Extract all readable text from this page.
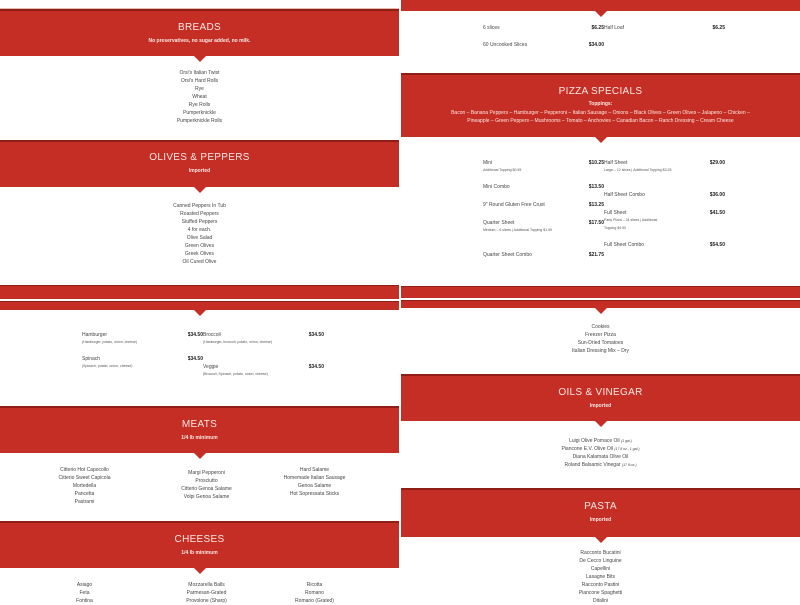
BREADS
No preservatives, no sugar added, no milk.
Orsi's Italian Twist
Orsi's Hard Rolls
Rye
Wheat
Rye Rolls
Pumperknickle
Pumperknickle Rolls
OLIVES & PEPPERS
Imported
Canned Peppers In Tub
Roasted Peppers
Stuffed Peppers
4 for each.
Olive Salad
Green Olives
Greek Olives
Oil Cured Olive
Hamburger	$34.50
(Hamburger, potato, onion, cheese)
Spinach	$34.50
(Spinach, potato, onion, cheese)
Broccoli	$34.50
(Hamburger, broccoli, potato, onion, cheese)
Veggie	$34.50
(Broccoli, Spinach, potato, onion, cheese)
MEATS
1/4 lb minimum
Citterio Hot Capocollo
Citterio Sweet Capicola
Mortedella
Pancetta
Pastrami
Margi Pepperoni
Prosciutto
Citterio Genoa Salame
Volpi Genoa Salame
Hard Salame
Homemade Italian Sausage
Genoa Salame
Hot Sopressata Sticks
CHEESES
1/4 lb minimum
Asiago
Feta
Fontina
Mozzarella Balls
Parmesan-Grated
Provolone (Sharp)
Ricotta
Romano
Romano (Grated)
6 slices	$6.25
60 Uncooked Slices	$34.00
Half Loaf	$6.25
PIZZA SPECIALS
Toppings:
Bacon – Banana Peppers – Hamburger – Pepperoni – Italian Sausage – Onions – Black Olives – Green Olives – Jalapeno – Chicken – Pineapple – Green Peppers – Mushrooms – Tomato – Anchovies – Canadian Bacon – Ranch Dressing – Cream Cheese
Mini	$10.25
Additional Topping $0.95
Mini Combo	$13.50
9" Round Gluten Free Crust	$13.25
Quarter Sheet	$17.50
Medium – 6 slices | Additional Topping $1.95
Quarter Sheet Combo	$21.75
Half Sheet	$29.00
Large – 12 slices | Additional Topping $3.25
Half Sheet Combo	$36.00
Full Sheet	$41.50
Party Pizza – 24 slices | Additional Topping $4.50
Full Sheet Combo	$54.50
Cookies
Freezer Pizza
Sun-Dried Tomatoes
Italian Dressing Mix – Dry
OILS & VINEGAR
Imported
Luigi Olive Pomace Oil (1 gal.)
Piancone E.V. Olive Oil (17 fl.oz., 1 gal.)
Diana Kalamata Olive Oil
Roland Balsamic Vinegar (17 fl.oz.)
PASTA
Imported
Racconto Bucatini
De Cecco Linguine
Capellini
Lasagne Bits
Racconto Pastini
Piancone Spaghetti
Ditalini
